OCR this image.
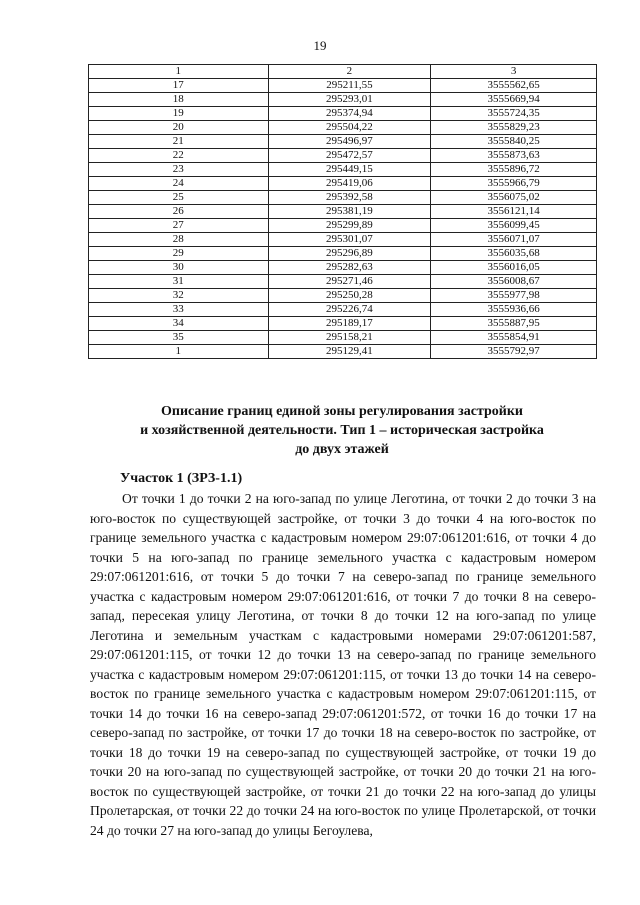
19
1	2	3
17	295211,55	3555562,65
18	295293,01	3555669,94
19	295374,94	3555724,35
20	295504,22	3555829,23
21	295496,97	3555840,25
22	295472,57	3555873,63
23	295449,15	3555896,72
24	295419,06	3555966,79
25	295392,58	3556075,02
26	295381,19	3556121,14
27	295299,89	3556099,45
28	295301,07	3556071,07
29	295296,89	3556035,68
30	295282,63	3556016,05
31	295271,46	3556008,67
32	295250,28	3555977,98
33	295226,74	3555936,66
34	295189,17	3555887,95
35	295158,21	3555854,91
1	295129,41	3555792,97
Описание границ единой зоны регулирования застройки
и хозяйственной деятельности. Тип 1 – историческая застройка
до двух этажей
Участок 1 (ЗРЗ-1.1)

От точки 1 до точки 2 на юго-запад по улице Леготина, от точки 2 до точки 3 на юго-восток по существующей застройке, от точки 3 до точки 4 на юго-восток по границе земельного участка с кадастровым номером 29:07:061201:616, от точки 4 до точки 5 на юго-запад по границе земельного участка с кадастровым номером 29:07:061201:616, от точки 5 до точки 7 на северо-запад по границе земельного участка с кадастровым номером 29:07:061201:616, от точки 7 до точки 8 на северо-запад, пересекая улицу Леготина, от точки 8 до точки 12 на юго-запад по улице Леготина и земельным участкам с кадастровыми номерами 29:07:061201:587, 29:07:061201:115, от точки 12 до точки 13 на северо-запад по границе земельного участка с кадастровым номером 29:07:061201:115, от точки 13 до точки 14 на северо-восток по границе земельного участка с кадастровым номером 29:07:061201:115, от точки 14 до точки 16 на северо-запад 29:07:061201:572, от точки 16 до точки 17 на северо-запад по застройке, от точки 17 до точки 18 на северо-восток по застройке, от точки 18 до точки 19 на северо-запад по существующей застройке, от точки 19 до точки 20 на юго-запад по существующей застройке, от точки 20 до точки 21 на юго-восток по существующей застройке, от точки 21 до точки 22 на юго-запад до улицы Пролетарская, от точки 22 до точки 24 на юго-восток по улице Пролетарской, от точки 24 до точки 27 на юго-запад до улицы Бегоулева,
